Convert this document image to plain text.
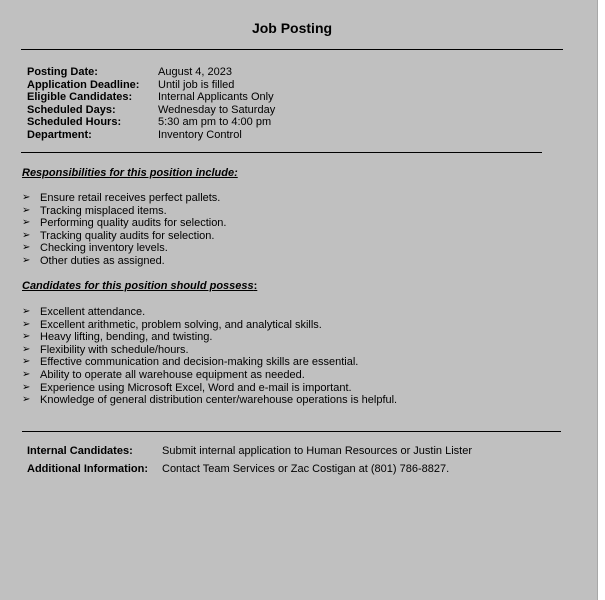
Job Posting
Posting Date:	August 4, 2023
Application Deadline:	Until job is filled
Eligible Candidates:	Internal Applicants Only
Scheduled Days:	Wednesday to Saturday
Scheduled Hours:	5:30 am pm to 4:00 pm
Department:	Inventory Control
Responsibilities for this position include:
➢ Ensure retail receives perfect pallets.
➢ Tracking misplaced items.
➢ Performing quality audits for selection.
➢ Tracking quality audits for selection.
➢ Checking inventory levels.
➢ Other duties as assigned.
Candidates for this position should possess:
➢ Excellent attendance.
➢ Excellent arithmetic, problem solving, and analytical skills.
➢ Heavy lifting, bending, and twisting.
➢ Flexibility with schedule/hours.
➢ Effective communication and decision-making skills are essential.
➢ Ability to operate all warehouse equipment as needed.
➢ Experience using Microsoft Excel, Word and e-mail is important.
➢ Knowledge of general distribution center/warehouse operations is helpful.
Internal Candidates:	Submit internal application to Human Resources or Justin Lister
Additional Information:	Contact Team Services or Zac Costigan at (801) 786-8827.
